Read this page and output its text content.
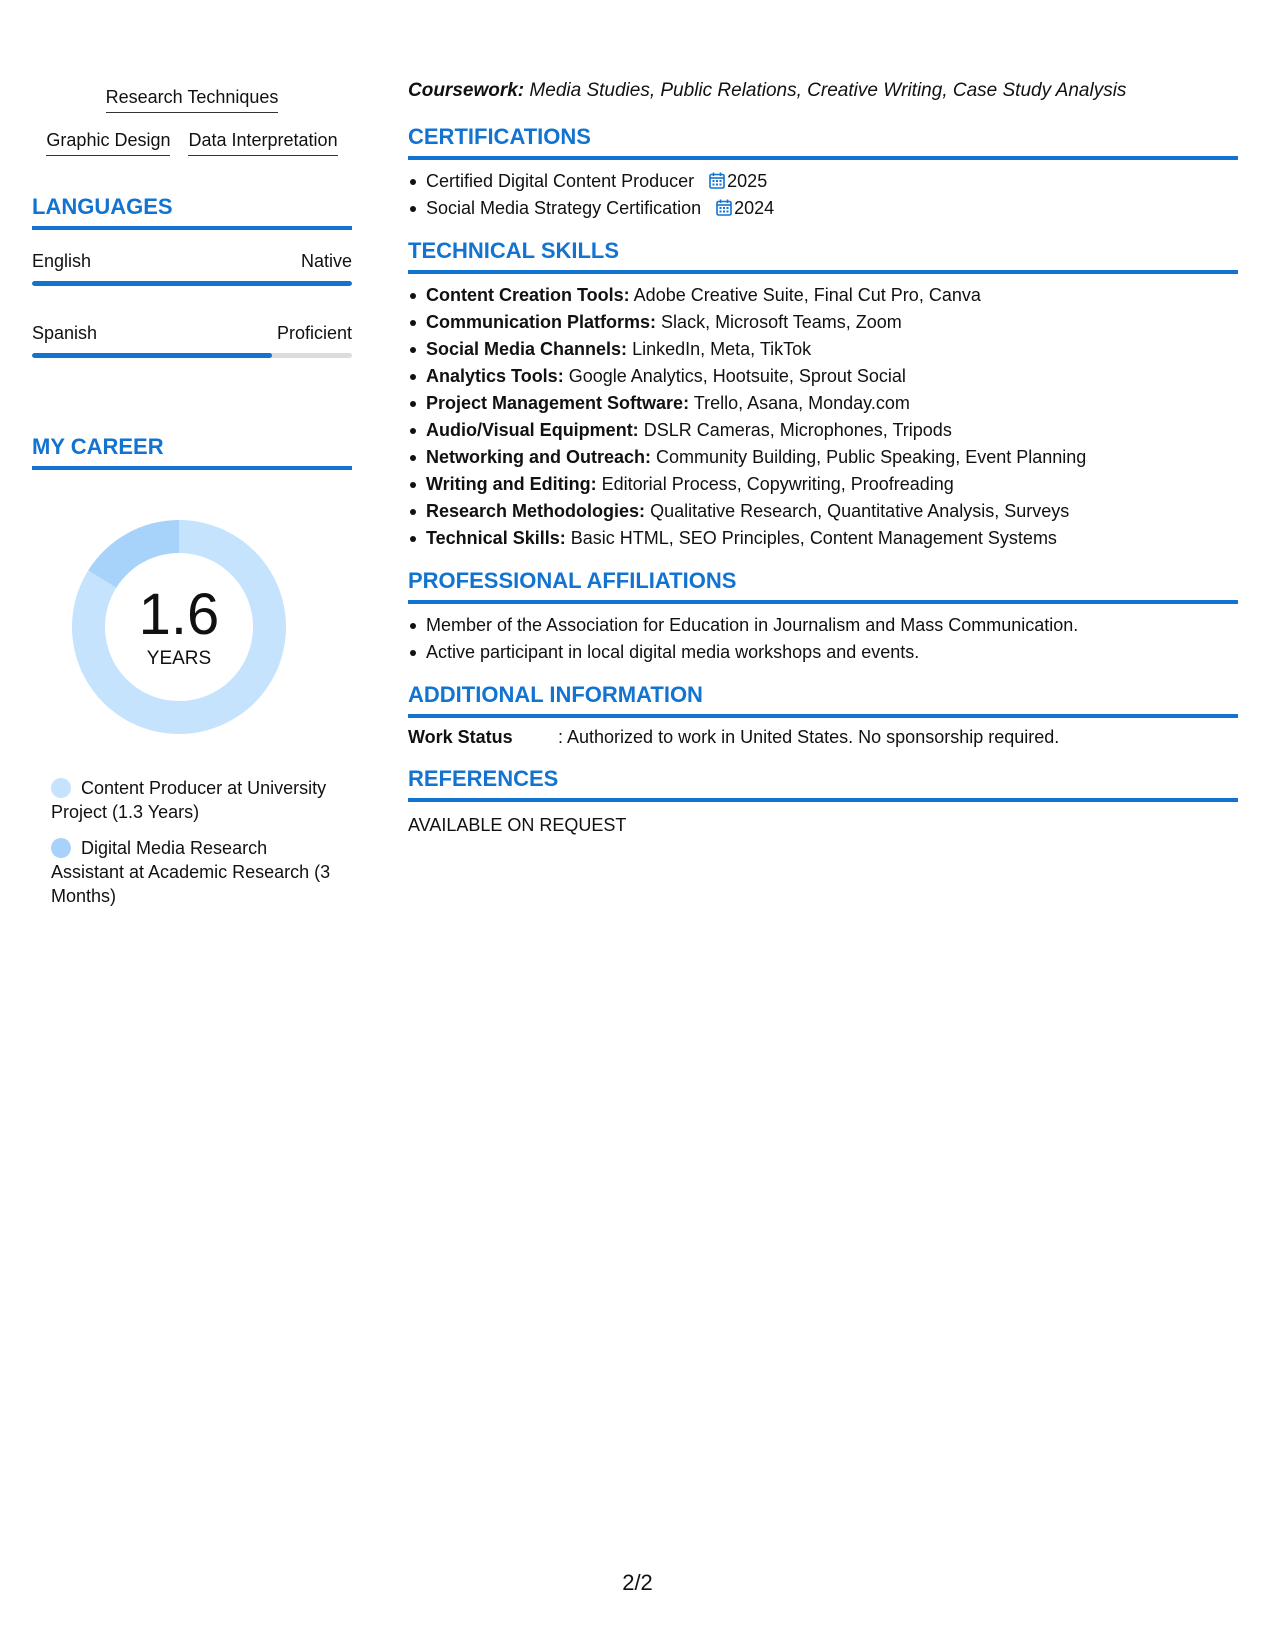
Research Techniques
Graphic Design Data Interpretation
LANGUAGES
English	Native
Spanish	Proficient
MY CAREER
1.6
YEARS
Content Producer at University Project (1.3 Years)
Digital Media Research Assistant at Academic Research (3 Months)
Coursework: Media Studies, Public Relations, Creative Writing, Case Study Analysis
CERTIFICATIONS
Certified Digital Content Producer 2025
Social Media Strategy Certification 2024
TECHNICAL SKILLS
Content Creation Tools: Adobe Creative Suite, Final Cut Pro, Canva
Communication Platforms: Slack, Microsoft Teams, Zoom
Social Media Channels: LinkedIn, Meta, TikTok
Analytics Tools: Google Analytics, Hootsuite, Sprout Social
Project Management Software: Trello, Asana, Monday.com
Audio/Visual Equipment: DSLR Cameras, Microphones, Tripods
Networking and Outreach: Community Building, Public Speaking, Event Planning
Writing and Editing: Editorial Process, Copywriting, Proofreading
Research Methodologies: Qualitative Research, Quantitative Analysis, Surveys
Technical Skills: Basic HTML, SEO Principles, Content Management Systems
PROFESSIONAL AFFILIATIONS
Member of the Association for Education in Journalism and Mass Communication.
Active participant in local digital media workshops and events.
ADDITIONAL INFORMATION
Work Status	: Authorized to work in United States. No sponsorship required.
REFERENCES
AVAILABLE ON REQUEST
2/2
